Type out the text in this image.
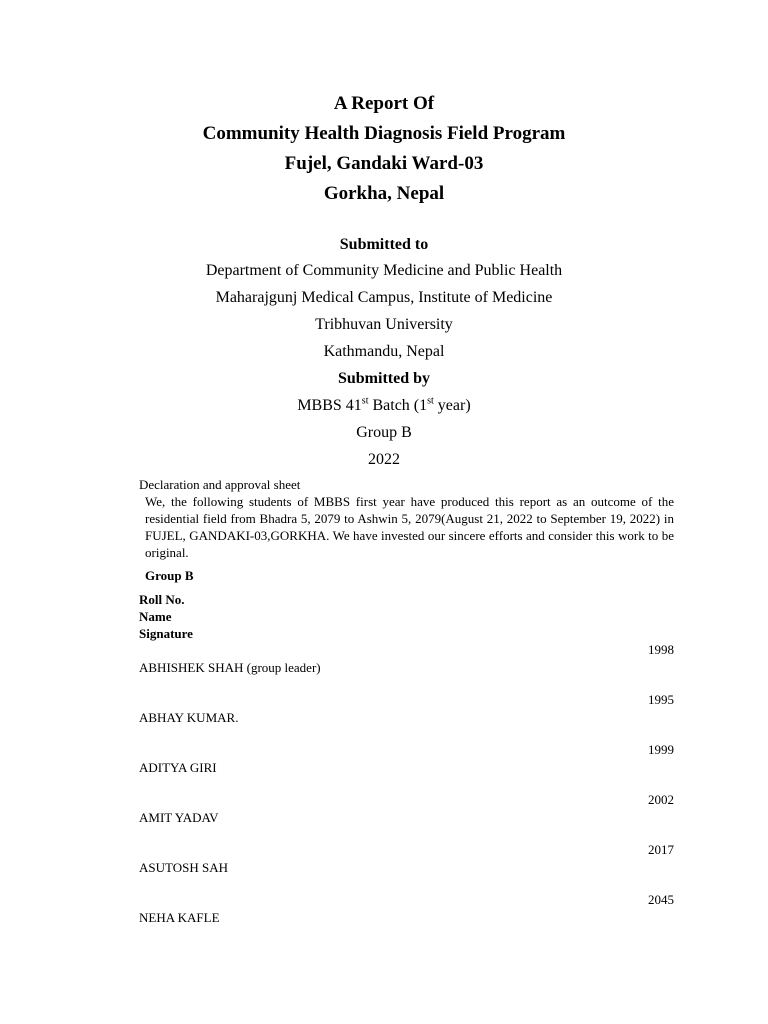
A Report Of
Community Health Diagnosis Field Program
Fujel, Gandaki Ward-03
Gorkha, Nepal
Submitted to
Department of Community Medicine and Public Health
Maharajgunj Medical Campus, Institute of Medicine
Tribhuvan University
Kathmandu, Nepal
Submitted by
MBBS 41st Batch (1st year)
Group B
2022
Declaration and approval sheet
We, the following students of MBBS first year have produced this report as an outcome of the residential field from Bhadra 5, 2079 to Ashwin 5, 2079(August 21, 2022 to September 19, 2022) in FUJEL, GANDAKI-03,GORKHA. We have invested our sincere efforts and consider this work to be original.
Group B
Roll No.
Name
Signature
1998
ABHISHEK SHAH (group leader)
1995
ABHAY KUMAR.
1999
ADITYA GIRI
2002
AMIT YADAV
2017
ASUTOSH SAH
2045
NEHA KAFLE
